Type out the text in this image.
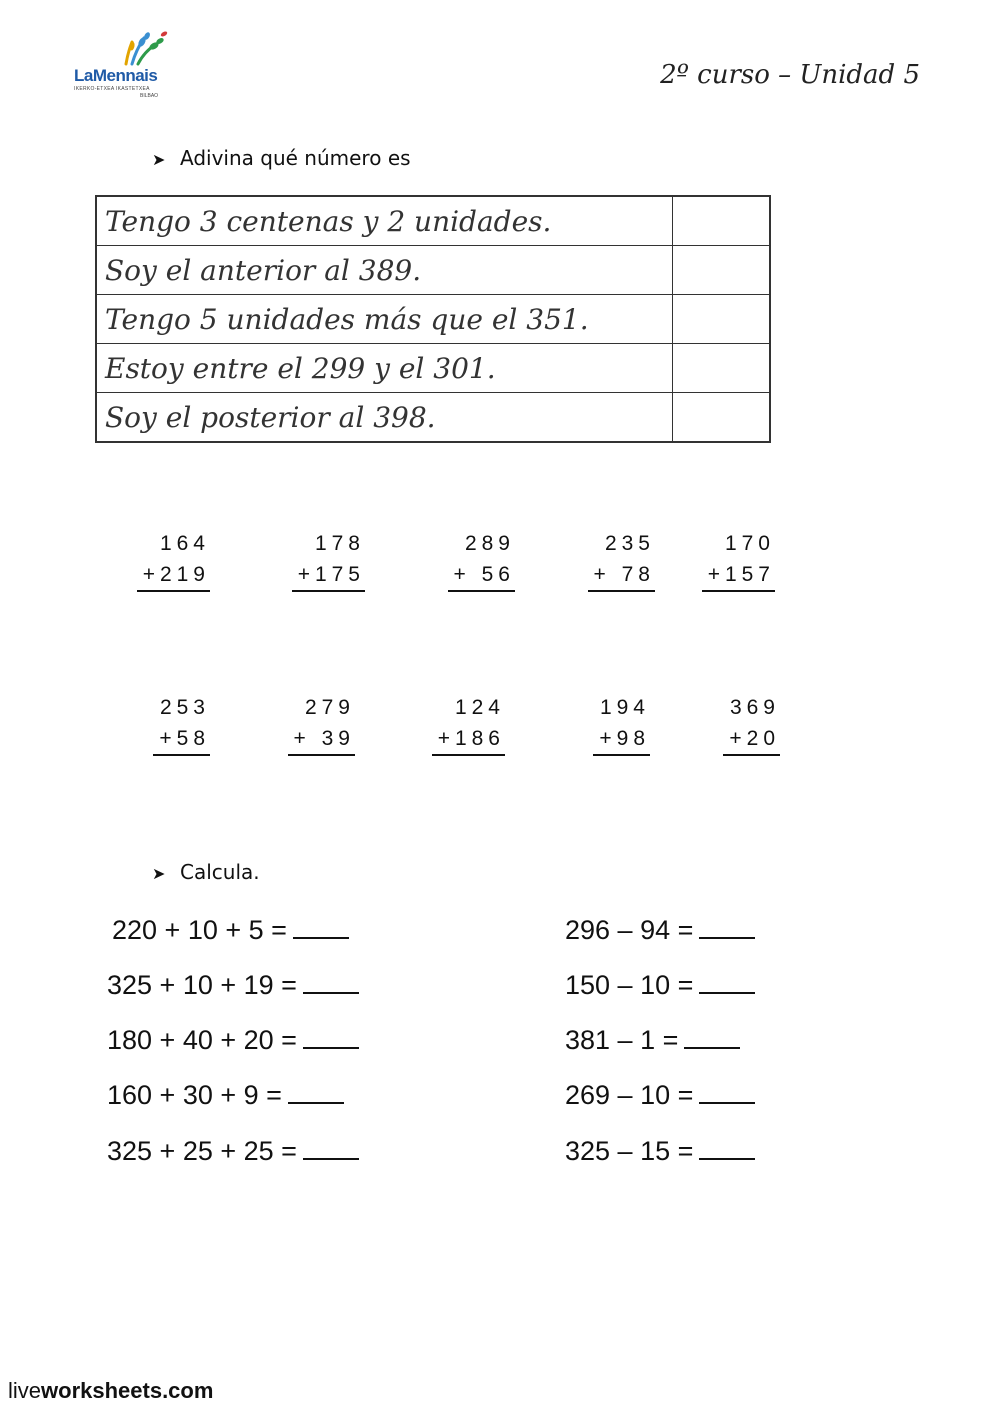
LaMennais
IKERKO-ETXEA IKASTETXEA
BILBAO
2º curso – Unidad 5
➤ Adivina qué número es
Tengo 3 centenas y 2 unidades.	
Soy el anterior al 389.	
Tengo 5 unidades más que el 351.	
Estoy entre el 299 y el 301.	
Soy el posterior al 398.	
164
+219
178
+175
289
+ 56
235
+ 78
170
+157
253
+58
279
+ 39
124
+186
194
+98
369
+20
➤ Calcula.
220 + 10 + 5 =
325 + 10 + 19 =
180 + 40 + 20 =
160 + 30 + 9 =
325 + 25 + 25 =
296 – 94 =
150 – 10 =
381 – 1 =
269 – 10 =
325 – 15 =
liveworksheets.com
